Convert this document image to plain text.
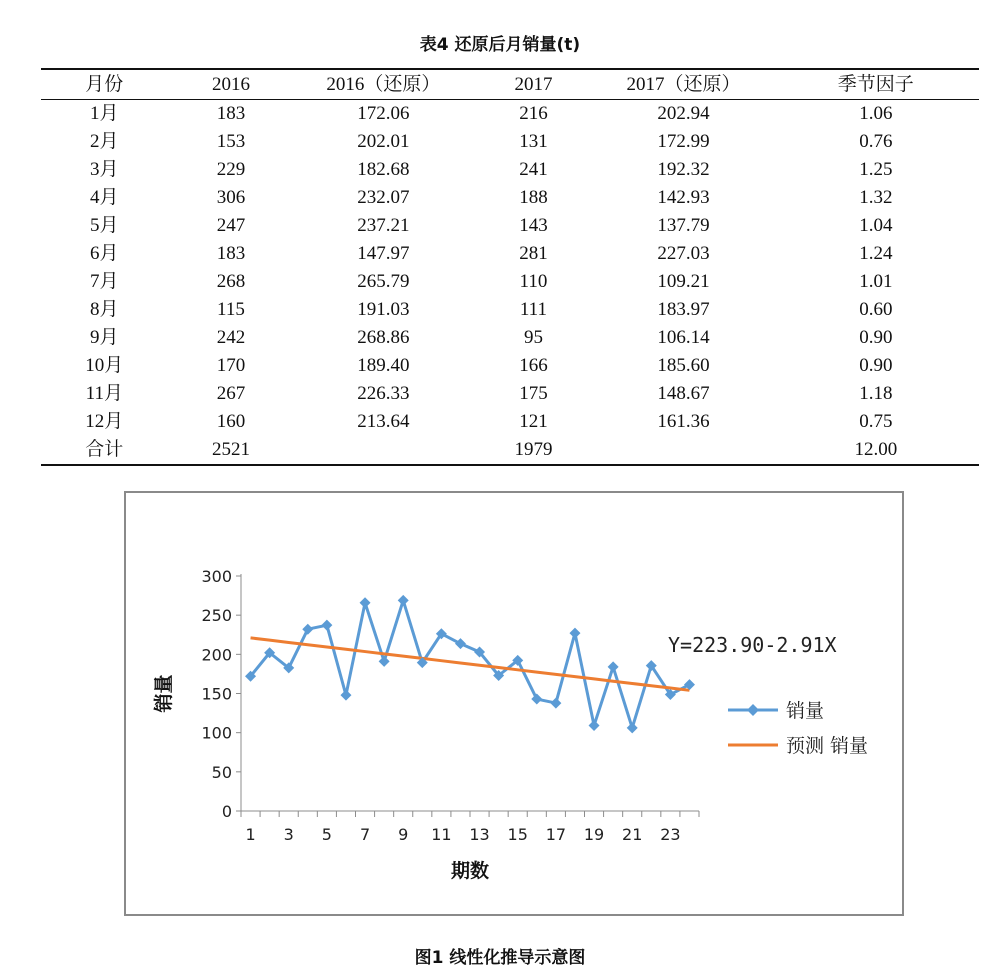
表4 还原后月销量(t)
月份	2016	2016（还原）	2017	2017（还原）	季节因子
1月	183	172.06	216	202.94	1.06
2月	153	202.01	131	172.99	0.76
3月	229	182.68	241	192.32	1.25
4月	306	232.07	188	142.93	1.32
5月	247	237.21	143	137.79	1.04
6月	183	147.97	281	227.03	1.24
7月	268	265.79	110	109.21	1.01
8月	115	191.03	111	183.97	0.60
9月	242	268.86	95	106.14	0.90
10月	170	189.40	166	185.60	0.90
11月	267	226.33	175	148.67	1.18
12月	160	213.64	121	161.36	0.75
合计	2521		1979		12.00
0
50
100
150
200
250
300
1 3 5 7 9 11 13 15 17 19 21 23
期数
销量
Y=223.90-2.91X
销量
预测 销量
图1 线性化推导示意图
